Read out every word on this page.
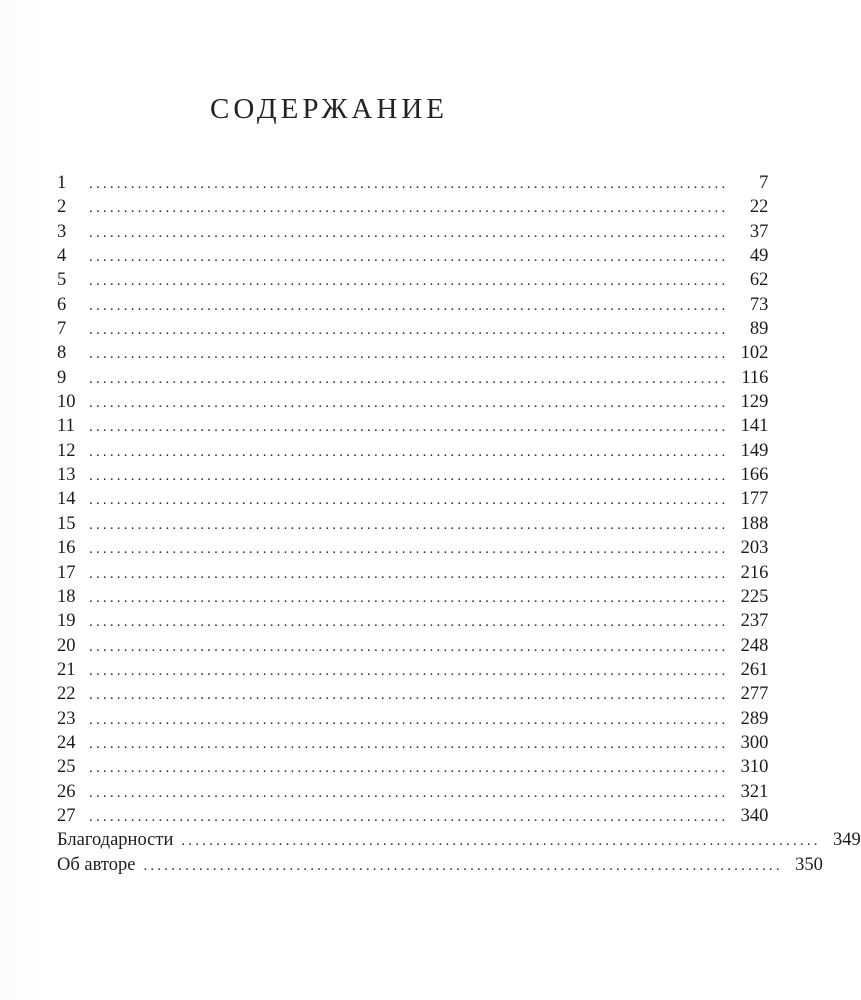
СОДЕРЖАНИЕ
1	............................................................................................	7
2	............................................................................................	22
3	............................................................................................	37
4	............................................................................................	49
5	............................................................................................	62
6	............................................................................................	73
7	............................................................................................	89
8	............................................................................................ 102
9	............................................................................................ 116
10 ............................................................................................ 129
11 ............................................................................................ 141
12 ............................................................................................ 149
13 ............................................................................................ 166
14 ............................................................................................ 177
15 ............................................................................................ 188
16 ............................................................................................ 203
17 ............................................................................................ 216
18 ............................................................................................ 225
19 ............................................................................................ 237
20 ............................................................................................ 248
21 ............................................................................................ 261
22 ............................................................................................ 277
23 ............................................................................................ 289
24 ............................................................................................ 300
25 ............................................................................................ 310
26 ............................................................................................ 321
27 ............................................................................................ 340
Благодарности ............................................................................................ 349
Об авторе ............................................................................................ 350
